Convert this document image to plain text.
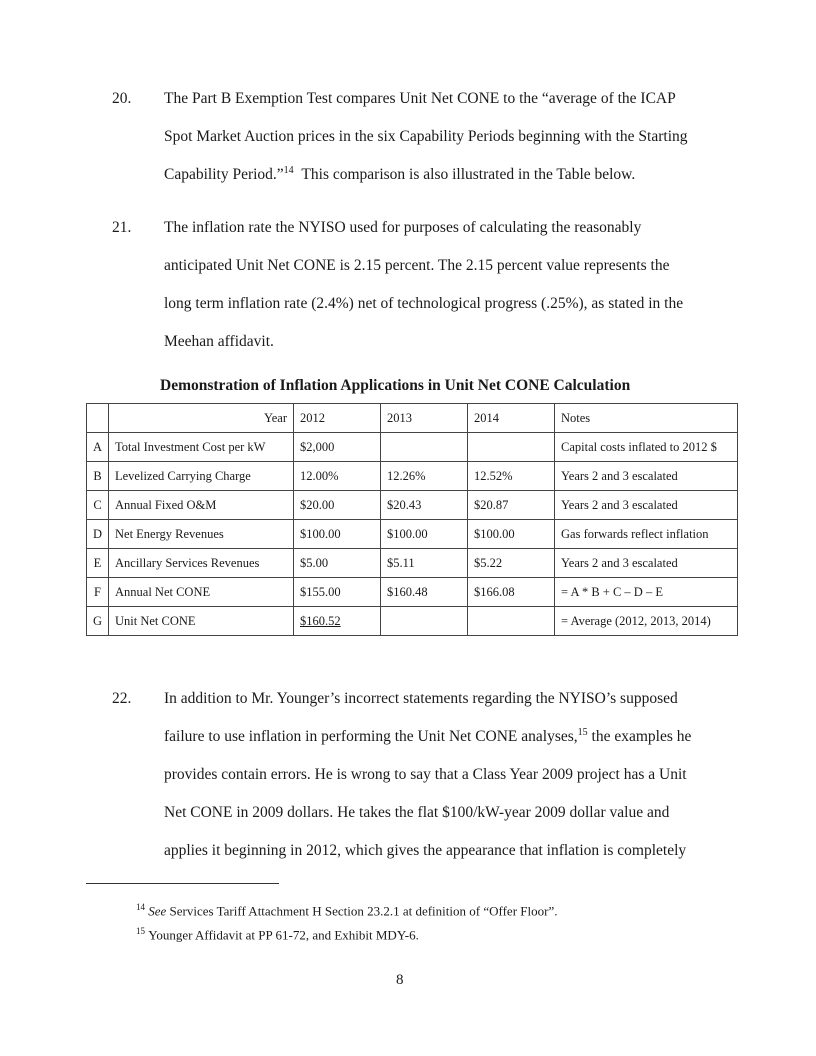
20. The Part B Exemption Test compares Unit Net CONE to the “average of the ICAP
Spot Market Auction prices in the six Capability Periods beginning with the Starting
Capability Period.”$^{14}$ This comparison is also illustrated in the Table below.
21. The inflation rate the NYISO used for purposes of calculating the reasonably
anticipated Unit Net CONE is 2.15 percent. The 2.15 percent value represents the
long term inflation rate (2.4%) net of technological progress (.25%), as stated in the
Meehan affidavit.
Demonstration of Inflation Applications in Unit Net CONE Calculation
	Year	2012	2013	2014	Notes
A	Total Investment Cost per kW	$2,000			Capital costs inflated to 2012 $
B	Levelized Carrying Charge	12.00%	12.26%	12.52%	Years 2 and 3 escalated
C	Annual Fixed O&M	$20.00	$20.43	$20.87	Years 2 and 3 escalated
D	Net Energy Revenues	$100.00	$100.00	$100.00	Gas forwards reflect inflation
E	Ancillary Services Revenues	$5.00	$5.11	$5.22	Years 2 and 3 escalated
F	Annual Net CONE	$155.00	$160.48	$166.08	= A * B + C – D – E
G	Unit Net CONE	$160.52			= Average (2012, 2013, 2014)
22. In addition to Mr. Younger’s incorrect statements regarding the NYISO’s supposed
failure to use inflation in performing the Unit Net CONE analyses,$^{15}$ the examples he
provides contain errors. He is wrong to say that a Class Year 2009 project has a Unit
Net CONE in 2009 dollars. He takes the flat $100/kW-year 2009 dollar value and
applies it beginning in 2012, which gives the appearance that inflation is completely
$^{14}$ See Services Tariff Attachment H Section 23.2.1 at definition of “Offer Floor”.
$^{15}$ Younger Affidavit at PP 61-72, and Exhibit MDY-6.
8
